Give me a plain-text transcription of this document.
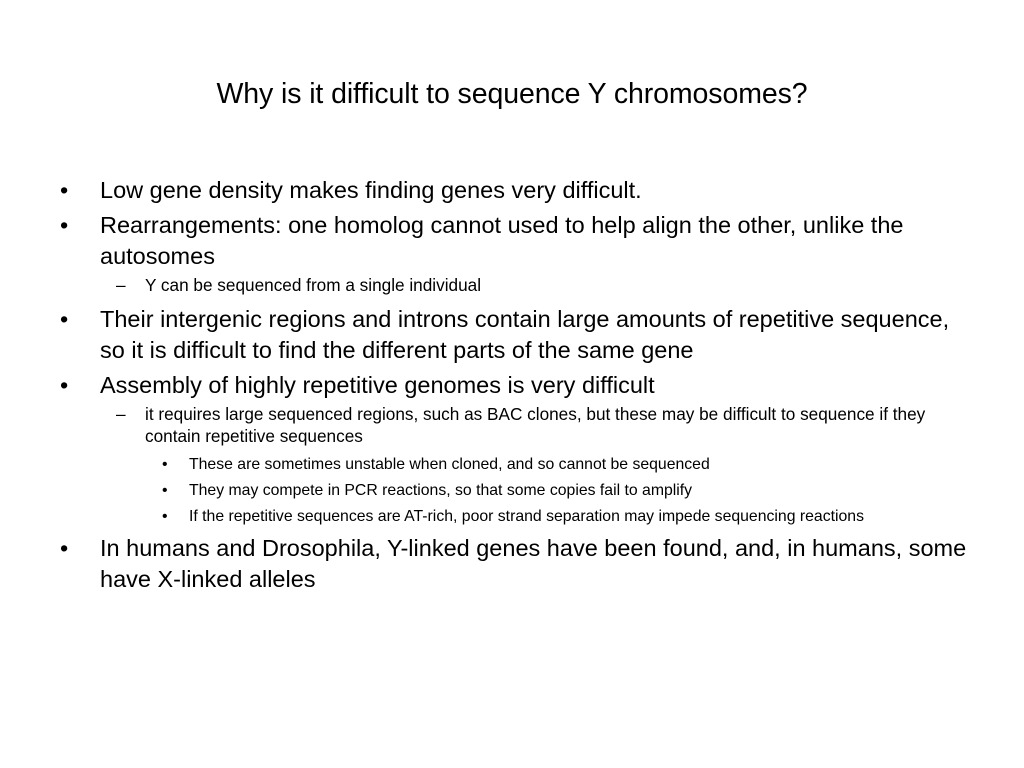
Why is it difficult to sequence Y chromosomes?
• Low gene density makes finding genes very difficult.
• Rearrangements: one homolog cannot used to help align the other, unlike the autosomes
– Y can be sequenced from a single individual
• Their intergenic regions and introns contain large amounts of repetitive sequence, so it is difficult to find the different parts of the same gene
• Assembly of highly repetitive genomes is very difficult
– it requires large sequenced regions, such as BAC clones, but these may be difficult to sequence if they contain repetitive sequences
• These are sometimes unstable when cloned, and so cannot be sequenced
• They may compete in PCR reactions, so that some copies fail to amplify
• If the repetitive sequences are AT-rich, poor strand separation may impede sequencing reactions
• In humans and Drosophila, Y-linked genes have been found, and, in humans, some have X-linked alleles
